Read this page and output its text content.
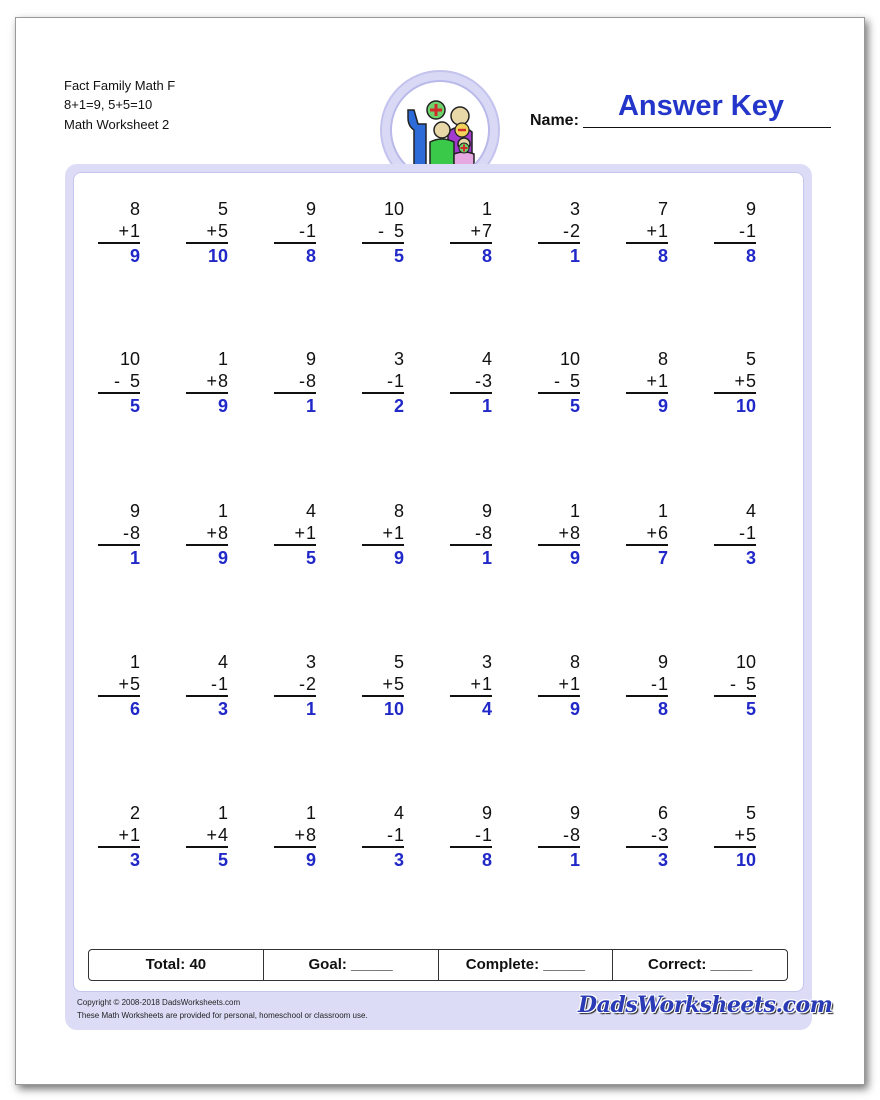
Fact Family Math F
8+1=9, 5+5=10
Math Worksheet 2	Name:	Answer Key
8
+1
9
5
+5
10
9
-1
8
10
- 5
5
1
+7
8
3
-2
1
7
+1
8
9
-1
8
10
- 5
5
1
+8
9
9
-8
1
3
-1
2
4
-3
1
10
- 5
5
8
+1
9
5
+5
10
9
-8
1
1
+8
9
4
+1
5
8
+1
9
9
-8
1
1
+8
9
1
+6
7
4
-1
3
1
+5
6
4
-1
3
3
-2
1
5
+5
10
3
+1
4
8
+1
9
9
-1
8
10
- 5
5
2
+1
3
1
+4
5
1
+8
9
4
-1
3
9
-1
8
9
-8
1
6
-3
3
5
+5
10
Total: 40	Goal: _____	Complete: _____	Correct: _____
Copyright © 2008-2018 DadsWorksheets.com
These Math Worksheets are provided for personal, homeschool or classroom use.	DadsWorksheets.com
